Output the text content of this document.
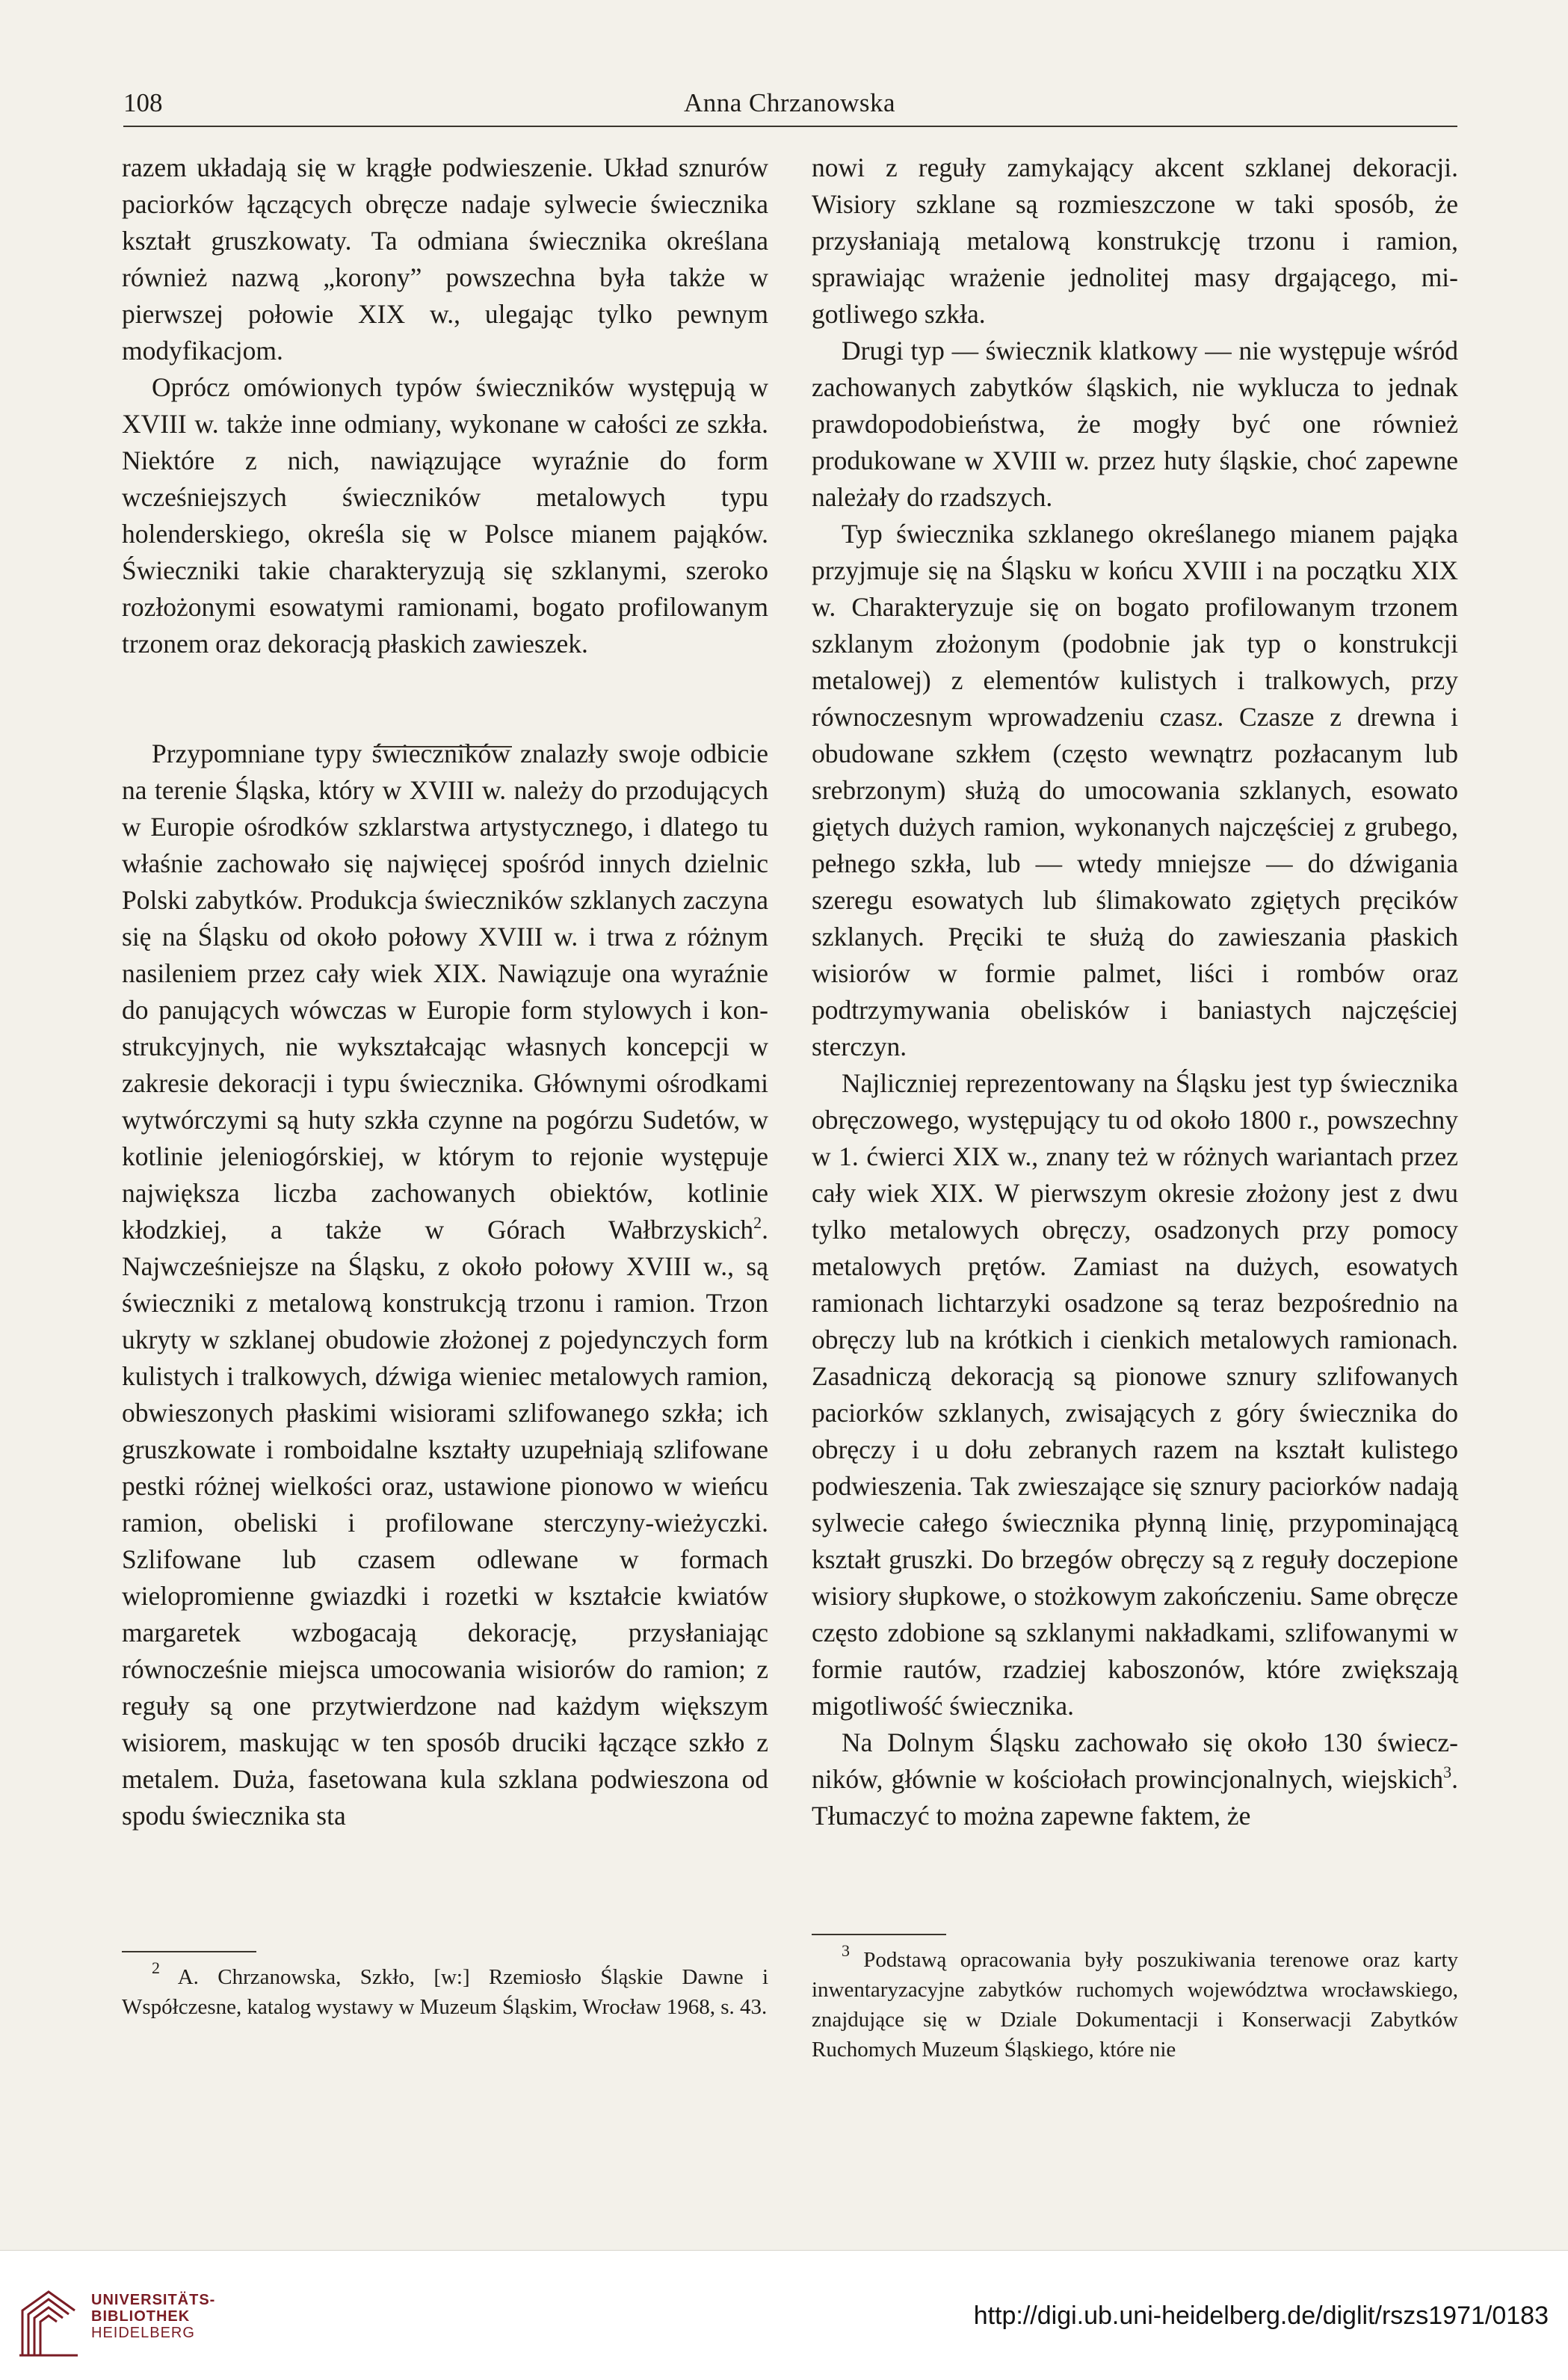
108	Anna Chrzanowska

razem układają się w krągłe podwieszenie. Układ sznurów paciorków łączących obręcze nadaje sylwecie świecznika kształt gruszkowaty. Ta odmiana świecznika określana również nazwą „korony” powszechna była także w pierwszej połowie XIX w., ulegając tylko pewnym modyfikacjom.

Oprócz omówionych typów świeczników występują w XVIII w. także inne odmiany, wykonane w całości ze szkła. Niektóre z nich, nawiązujące wyraźnie do form wcześniejszych świeczników metalowych typu holenderskiego, określa się w Polsce mianem pająków. Świeczniki takie charakteryzują się szklanymi, szeroko rozłożonymi esowatymi ramionami, bogato profilowanym trzonem oraz dekoracją płaskich zawieszek.

Przypomniane typy świeczników znalazły swoje odbicie na terenie Śląska, który w XVIII w. należy do przodujących w Europie ośrodków szklarstwa artystycznego, i dlatego tu właśnie zachowało się najwięcej spośród innych dzielnic Polski zabytków. Produkcja świeczników szklanych zaczyna się na Śląsku od około połowy XVIII w. i trwa z różnym nasileniem przez cały wiek XIX. Nawiązuje ona wyraźnie do panujących wówczas w Europie form stylowych i konstrukcyjnych, nie wykształcając własnych koncepcji w zakresie dekoracji i typu świecznika. Głównymi ośrodkami wytwórczymi są huty szkła czynne na pogórzu Sudetów, w kotlinie jeleniogórskiej, w którym to rejonie występuje największa liczba zachowanych obiektów, kotlinie kłodzkiej, a także w Górach Wałbrzyskich$^2$. Najwcześniejsze na Śląsku, z około połowy XVIII w., są świeczniki z metalową konstrukcją trzonu i ramion. Trzon ukryty w szklanej obudowie złożonej z pojedynczych form kulistych i tralkowych, dźwiga wieniec metalowych ramion, obwieszonych płaskimi wisiorami szlifowanego szkła; ich gruszkowate i romboidalne kształty uzupełniają szlifowane pestki różnej wielkości oraz, ustawione pionowo w wieńcu ramion, obeliski i profilowane sterczyny-wieżyczki. Szlifowane lub czasem odlewane w formach wielopromienne gwiazdki i rozetki w kształcie kwiatów margaretek wzbogacają dekorację, przysłaniając równocześnie miejsca umocowania wisiorów do ramion; z reguły są one przytwierdzone nad każdym większym wisiorem, maskując w ten sposób druciki łączące szkło z metalem. Duża, fasetowana kula szklana podwieszona od spodu świecznika sta

nowi z reguły zamykający akcent szklanej dekoracji. Wisiory szklane są rozmieszczone w taki sposób, że przysłaniają metalową konstrukcję trzonu i ramion, sprawiając wrażenie jednolitej masy drgającego, migotliwego szkła.

Drugi typ — świecznik klatkowy — nie występuje wśród zachowanych zabytków śląskich, nie wyklucza to jednak prawdopodobieństwa, że mogły być one również produkowane w XVIII w. przez huty śląskie, choć zapewne należały do rzadszych.

Typ świecznika szklanego określanego mianem pająka przyjmuje się na Śląsku w końcu XVIII i na początku XIX w. Charakteryzuje się on bogato profilowanym trzonem szklanym złożonym (podobnie jak typ o konstrukcji metalowej) z elementów kulistych i tralkowych, przy równoczesnym wprowadzeniu czasz. Czasze z drewna i obudowane szkłem (często wewnątrz pozłacanym lub srebrzonym) służą do umocowania szklanych, esowato giętych dużych ramion, wykonanych najczęściej z grubego, pełnego szkła, lub — wtedy mniejsze — do dźwigania szeregu esowatych lub ślimakowato zgiętych pręcików szklanych. Pręciki te służą do zawieszania płaskich wisiorów w formie palmet, liści i rombów oraz podtrzymywania obelisków i baniastych najczęściej sterczyn.

Najliczniej reprezentowany na Śląsku jest typ świecznika obręczowego, występujący tu od około 1800 r., powszechny w 1. ćwierci XIX w., znany też w różnych wariantach przez cały wiek XIX. W pierwszym okresie złożony jest z dwu tylko metalowych obręczy, osadzonych przy pomocy metalowych prętów. Zamiast na dużych, esowatych ramionach lichtarzyki osadzone są teraz bezpośrednio na obręczy lub na krótkich i cienkich metalowych ramionach. Zasadniczą dekoracją są pionowe sznury szlifowanych paciorków szklanych, zwisających z góry świecznika do obręczy i u dołu zebranych razem na kształt kulistego podwieszenia. Tak zwieszające się sznury paciorków nadają sylwecie całego świecznika płynną linię, przypominającą kształt gruszki. Do brzegów obręczy są z reguły doczepione wisiory słupkowe, o stożkowym zakończeniu. Same obręcze często zdobione są szklanymi nakładkami, szlifowanymi w formie rautów, rzadziej kaboszonów, które zwiększają migotliwość świecznika.

Na Dolnym Śląsku zachowało się około 130 świeczników, głównie w kościołach prowincjonalnych, wiejskich$^3$. Tłumaczyć to można zapewne faktem, że

$^2$ A. Chrzanowska, Szkło, [w:] Rzemiosło Śląskie Dawne i Współczesne, katalog wystawy w Muzeum Śląskim, Wrocław 1968, s. 43.

$^3$ Podstawą opracowania były poszukiwania terenowe oraz karty inwentaryzacyjne zabytków ruchomych województwa wrocławskiego, znajdujące się w Dziale Dokumentacji i Konserwacji Zabytków Ruchomych Muzeum Śląskiego, które nie

UNIVERSITÄTS-
BIBLIOTHEK
HEIDELBERG
http://digi.ub.uni-heidelberg.de/diglit/rszs1971/0183
